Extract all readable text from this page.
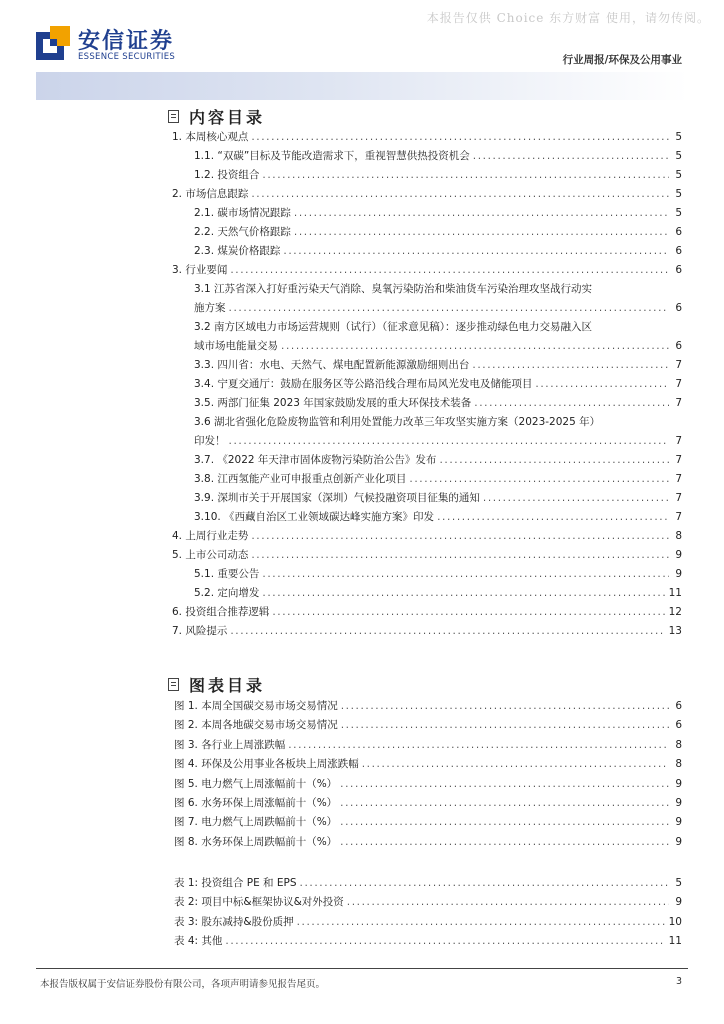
本报告仅供 Choice 东方财富 使用，请勿传阅。
安信证券
ESSENCE SECURITIES	行业周报/环保及公用事业
内容目录
1. 本周核心观点 .....	5
1.1. “双碳”目标及节能改造需求下，重视智慧供热投资机会 .....	5
1.2. 投资组合 .....	5
2. 市场信息跟踪 .....	5
2.1. 碳市场情况跟踪 .....	5
2.2. 天然气价格跟踪 .....	6
2.3. 煤炭价格跟踪 .....	6
3. 行业要闻 .....	6
3.1 江苏省深入打好重污染天气消除、臭氧污染防治和柴油货车污染治理攻坚战行动实
施方案 .....	6
3.2 南方区域电力市场运营规则（试行）（征求意见稿）：逐步推动绿色电力交易融入区
域市场电能量交易 .....	6
3.3. 四川省：水电、天然气、煤电配置新能源激励细则出台 .....	7
3.4. 宁夏交通厅：鼓励在服务区等公路沿线合理布局风光发电及储能项目 .....	7
3.5. 两部门征集 2023 年国家鼓励发展的重大环保技术装备 .....	7
3.6 湖北省强化危险废物监管和利用处置能力改革三年攻坚实施方案（2023-2025 年）
印发！ .....	7
3.7. 《2022 年天津市固体废物污染防治公告》发布 .....	7
3.8. 江西氢能产业可申报重点创新产业化项目 .....	7
3.9. 深圳市关于开展国家（深圳）气候投融资项目征集的通知 .....	7
3.10. 《西藏自治区工业领域碳达峰实施方案》印发 .....	7
4. 上周行业走势 .....	8
5. 上市公司动态 .....	9
5.1. 重要公告 .....	9
5.2. 定向增发 .....	11
6. 投资组合推荐逻辑 .....	12
7. 风险提示 .....	13
图表目录
图 1. 本周全国碳交易市场交易情况 .....	6
图 2. 本周各地碳交易市场交易情况 .....	6
图 3. 各行业上周涨跌幅 .....	8
图 4. 环保及公用事业各板块上周涨跌幅 .....	8
图 5. 电力燃气上周涨幅前十（%） .....	9
图 6. 水务环保上周涨幅前十（%） .....	9
图 7. 电力燃气上周跌幅前十（%） .....	9
图 8. 水务环保上周跌幅前十（%） .....	9
表 1: 投资组合 PE 和 EPS .....	5
表 2: 项目中标&框架协议&对外投资 .....	9
表 3: 股东减持&股份质押 .....	10
表 4: 其他 .....	11
本报告版权属于安信证券股份有限公司，各项声明请参见报告尾页。	3
